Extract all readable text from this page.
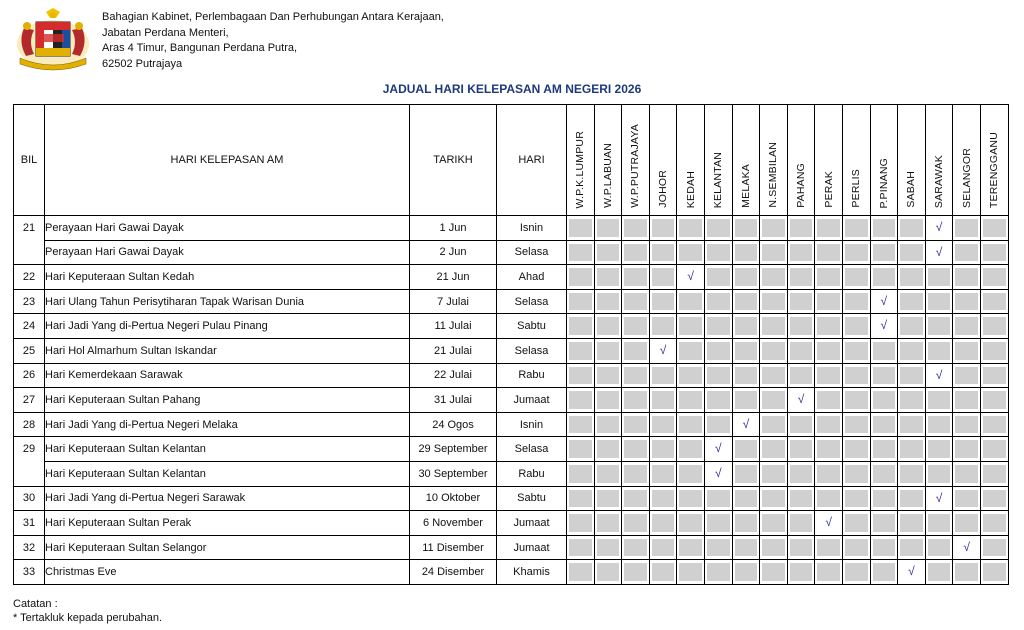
Bahagian Kabinet, Perlembagaan Dan Perhubungan Antara Kerajaan,
Jabatan Perdana Menteri,
Aras 4 Timur, Bangunan Perdana Putra,
62502 Putrajaya
JADUAL HARI KELEPASAN AM NEGERI 2026
BIL	HARI KELEPASAN AM	TARIKH	HARI	W.P.K.LUMPUR	W.P.LABUAN	W.P.PUTRAJAYA	JOHOR	KEDAH	KELANTAN	MELAKA	N.SEMBILAN	PAHANG	PERAK	PERLIS	P.PINANG	SABAH	SARAWAK	SELANGOR	TERENGGANU
21	Perayaan Hari Gawai Dayak	1 Jun	Isnin														√		

	Perayaan Hari Gawai Dayak	2 Jun	Selasa														√		

22	Hari Keputeraan Sultan Kedah	21 Jun	Ahad					√											

23	Hari Ulang Tahun Perisytiharan Tapak Warisan Dunia	7 Julai	Selasa												√				

24	Hari Jadi Yang di-Pertua Negeri Pulau Pinang	11 Julai	Sabtu												√				

25	Hari Hol Almarhum Sultan Iskandar	21 Julai	Selasa				√												

26	Hari Kemerdekaan Sarawak	22 Julai	Rabu														√		

27	Hari Keputeraan Sultan Pahang	31 Julai	Jumaat									√							

28	Hari Jadi Yang di-Pertua Negeri Melaka	24 Ogos	Isnin							√									

29	Hari Keputeraan Sultan Kelantan	29 September	Selasa						√										

	Hari Keputeraan Sultan Kelantan	30 September	Rabu						√										

30	Hari Jadi Yang di-Pertua Negeri Sarawak	10 Oktober	Sabtu														√		

31	Hari Keputeraan Sultan Perak	6 November	Jumaat										√						

32	Hari Keputeraan Sultan Selangor	11 Disember	Jumaat															√	

33	Christmas Eve	24 Disember	Khamis													√			

Catatan :
* Tertakluk kepada perubahan.
